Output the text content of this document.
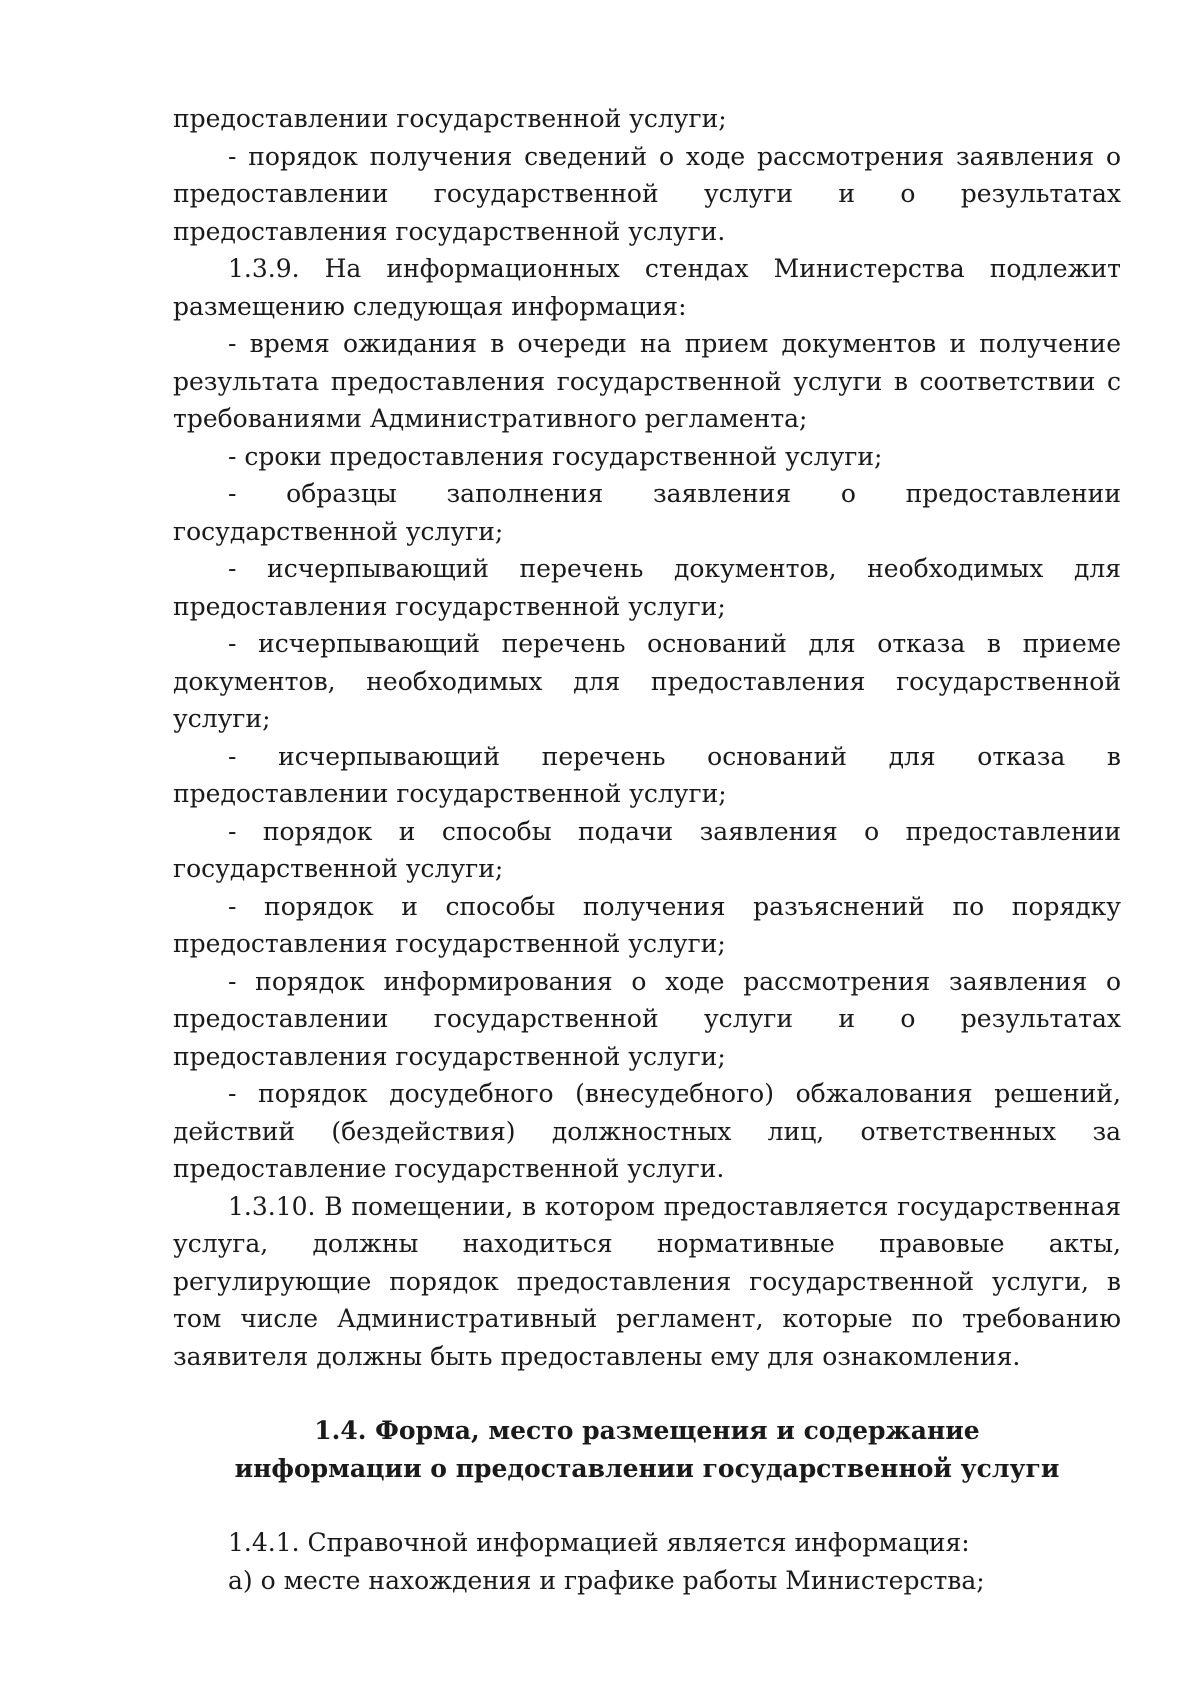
предоставлении государственной услуги;

- порядок получения сведений о ходе рассмотрения заявления о предоставлении государственной услуги и о результатах предоставления государственной услуги.

1.3.9. На информационных стендах Министерства подлежит размещению следующая информация:

- время ожидания в очереди на прием документов и получение результата предоставления государственной услуги в соответствии с требованиями Административного регламента;

- сроки предоставления государственной услуги;

- образцы заполнения заявления о предоставлении государственной услуги;

- исчерпывающий перечень документов, необходимых для предоставления государственной услуги;

- исчерпывающий перечень оснований для отказа в приеме документов, необходимых для предоставления государственной услуги;

- исчерпывающий перечень оснований для отказа в предоставлении государственной услуги;

- порядок и способы подачи заявления о предоставлении государственной услуги;

- порядок и способы получения разъяснений по порядку предоставления государственной услуги;

- порядок информирования о ходе рассмотрения заявления о предоставлении государственной услуги и о результатах предоставления государственной услуги;

- порядок досудебного (внесудебного) обжалования решений, действий (бездействия) должностных лиц, ответственных за предоставление государственной услуги.

1.3.10. В помещении, в котором предоставляется государственная услуга, должны находиться нормативные правовые акты, регулирующие порядок предоставления государственной услуги, в том числе Административный регламент, которые по требованию заявителя должны быть предоставлены ему для ознакомления.

1.4. Форма, место размещения и содержание информации о предоставлении государственной услуги

1.4.1. Справочной информацией является информация:

а) о месте нахождения и графике работы Министерства;
